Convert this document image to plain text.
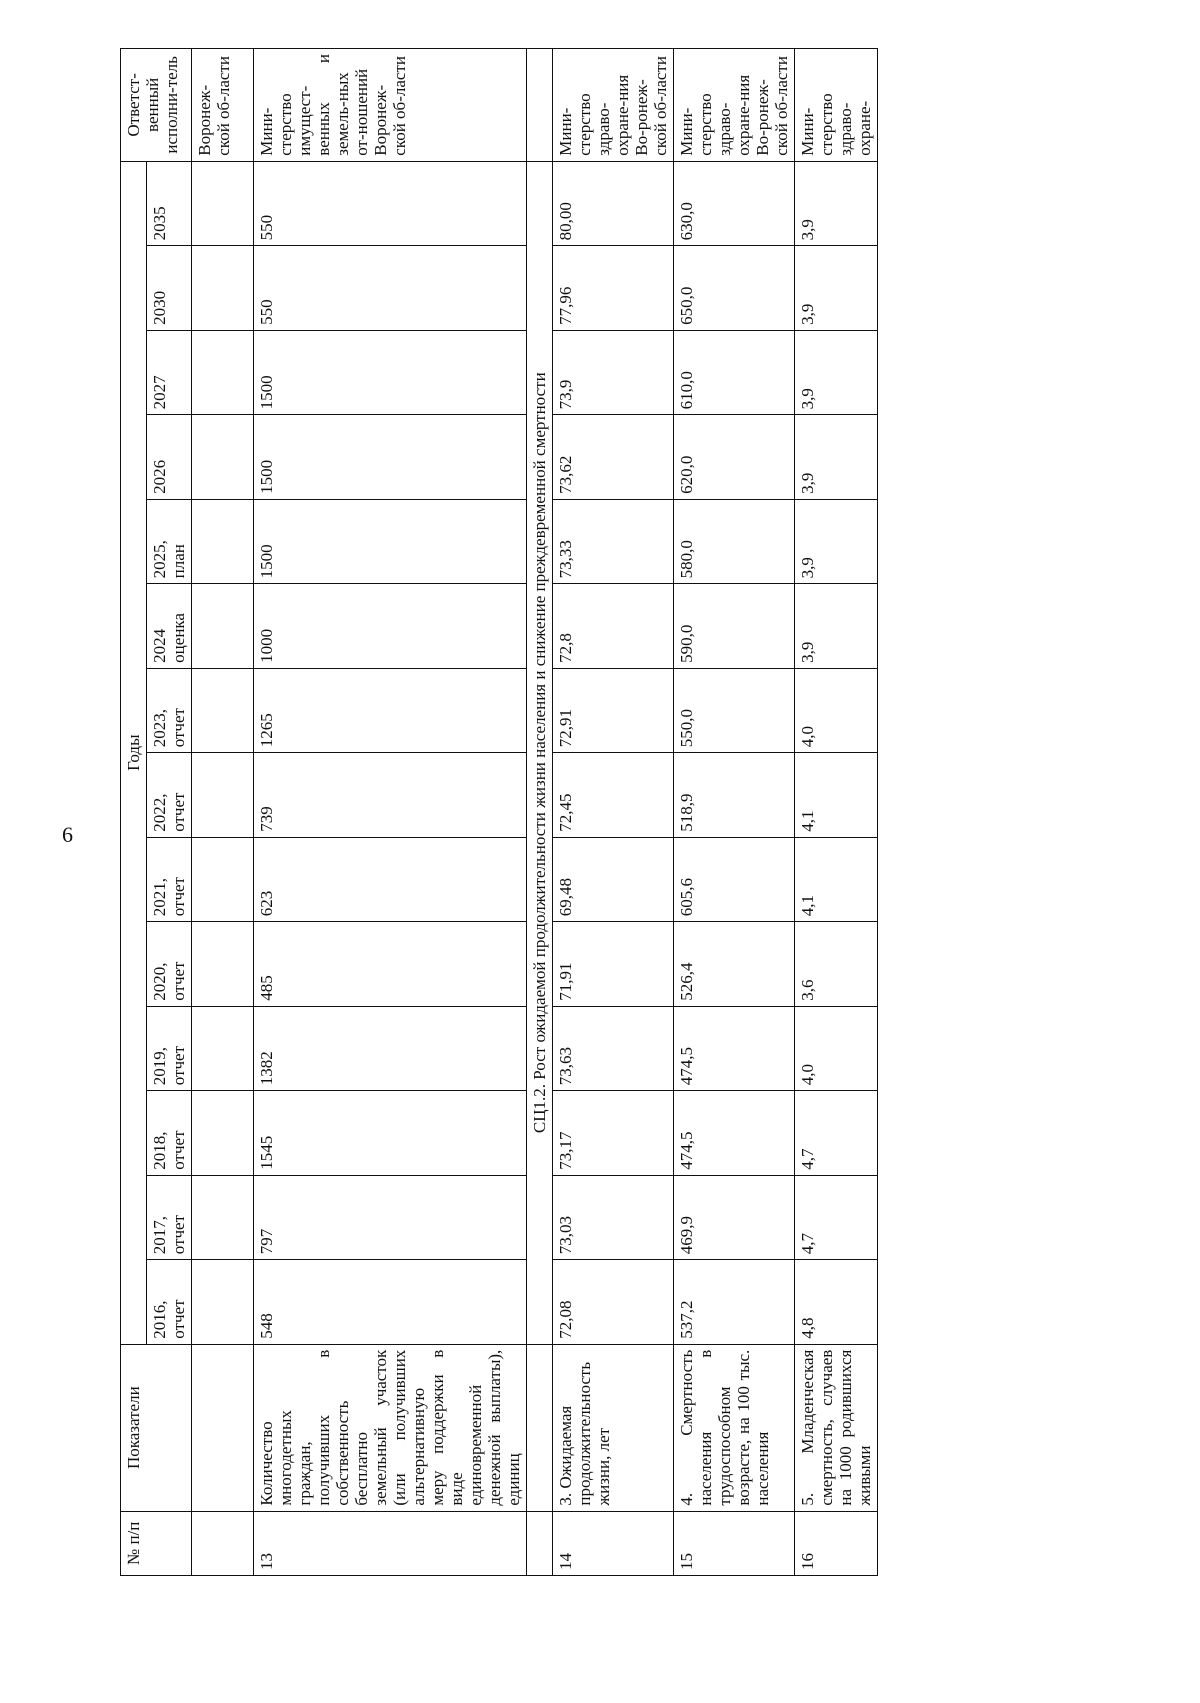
6
№ п/п	Показатели	Годы														Ответст-венный исполни-тель
		2016, отчет	2017, отчет	2018, отчет	2019, отчет	2020, отчет	2021, отчет	2022, отчет	2023, отчет	2024 оценка	2025, план	2026	2027	2030	2035	
																Воронеж-ской об-ласти
13	Количество многодетных граждан, получивших в собственность бесплатно земельный участок (или получивших альтернативную меру поддержки в виде единовременной денежной выплаты), единиц	548	797	1545	1382	485	623	739	1265	1000	1500	1500	1500	550	550	Мини-стерство имущест-венных и земель-ных от-ношений Воронеж-ской об-ласти
		СЦ1.2. Рост ожидаемой продолжительности жизни населения и снижение преждевременной смертности														
14	3. Ожидаемая продолжительность жизни, лет	72,08	73,03	73,17	73,63	71,91	69,48	72,45	72,91	72,8	73,33	73,62	73,9	77,96	80,00	Мини-стерство здраво-охране-ния Во-ронеж-ской об-ласти
15	4. Смертность населения в трудоспособном возрасте, на 100 тыс. населения	537,2	469,9	474,5	474,5	526,4	605,6	518,9	550,0	590,0	580,0	620,0	610,0	650,0	630,0	Мини-стерство здраво-охране-ния Во-ронеж-ской об-ласти
16	5. Младенческая смертность, случаев на 1000 родившихся живыми	4,8	4,7	4,7	4,0	3,6	4,1	4,1	4,0	3,9	3,9	3,9	3,9	3,9	3,9	Мини-стерство здраво-охране-
